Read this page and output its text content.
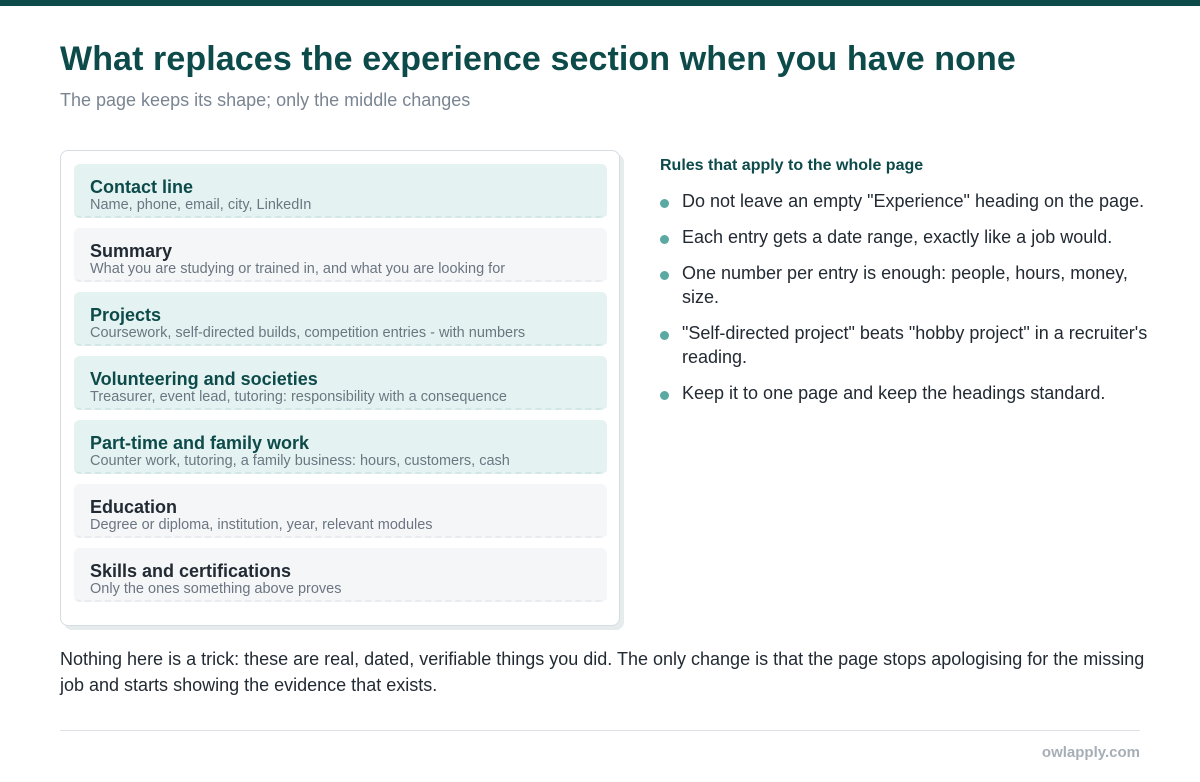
What replaces the experience section when you have none
The page keeps its shape; only the middle changes
Contact line
Name, phone, email, city, LinkedIn
Summary
What you are studying or trained in, and what you are looking for
Projects
Coursework, self-directed builds, competition entries - with numbers
Volunteering and societies
Treasurer, event lead, tutoring: responsibility with a consequence
Part-time and family work
Counter work, tutoring, a family business: hours, customers, cash
Education
Degree or diploma, institution, year, relevant modules
Skills and certifications
Only the ones something above proves
Rules that apply to the whole page
Do not leave an empty "Experience" heading on the page.
Each entry gets a date range, exactly like a job would.
One number per entry is enough: people, hours, money, size.
"Self-directed project" beats "hobby project" in a recruiter's reading.
Keep it to one page and keep the headings standard.

Nothing here is a trick: these are real, dated, verifiable things you did. The only change is that the page stops apologising for the missing job and starts showing the evidence that exists.

owlapply.com
